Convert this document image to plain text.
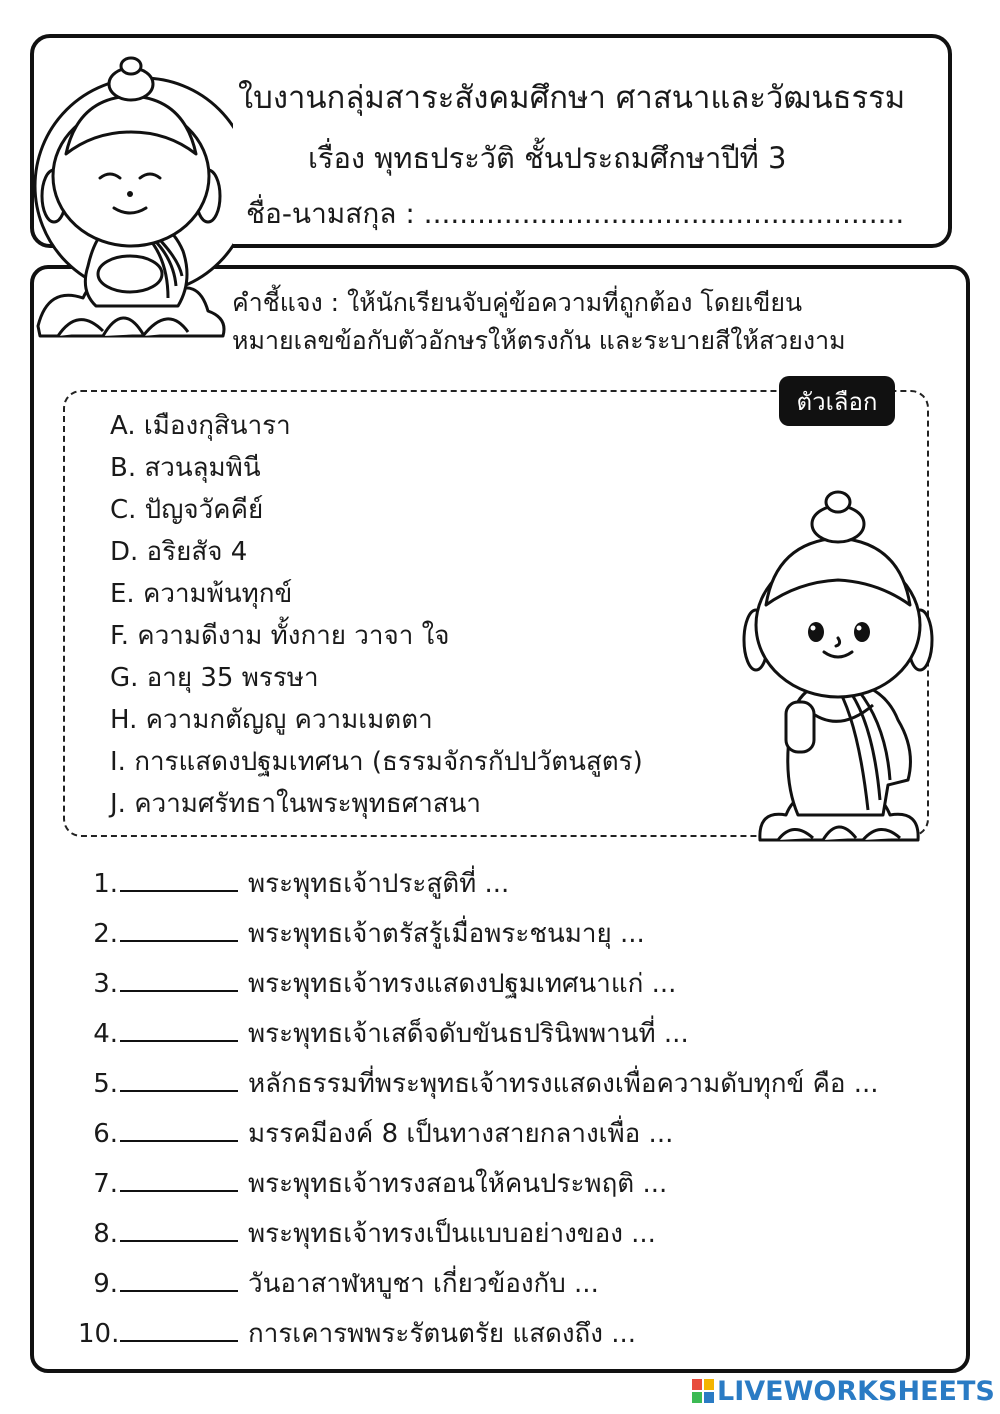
ใบงานกลุ่มสาระสังคมศึกษา ศาสนาและวัฒนธรรม
เรื่อง พุทธประวัติ ชั้นประถมศึกษาปีที่ 3
ชื่อ-นามสกุล : ......................................................
คำชี้แจง : ให้นักเรียนจับคู่ข้อความที่ถูกต้อง โดยเขียน
หมายเลขข้อกับตัวอักษรให้ตรงกัน และระบายสีให้สวยงาม
ตัวเลือก
A. เมืองกุสินารา
B. สวนลุมพินี
C. ปัญจวัคคีย์
D. อริยสัจ 4
E. ความพ้นทุกข์
F. ความดีงาม ทั้งกาย วาจา ใจ
G. อายุ 35 พรรษา
H. ความกตัญญู ความเมตตา
I. การแสดงปฐมเทศนา (ธรรมจักรกัปปวัตนสูตร)
J. ความศรัทธาในพระพุทธศาสนา
1.	พระพุทธเจ้าประสูติที่ ...
2.	พระพุทธเจ้าตรัสรู้เมื่อพระชนมายุ ...
3.	พระพุทธเจ้าทรงแสดงปฐมเทศนาแก่ ...
4.	พระพุทธเจ้าเสด็จดับขันธปรินิพพานที่ ...
5.	หลักธรรมที่พระพุทธเจ้าทรงแสดงเพื่อความดับทุกข์ คือ ...
6.	มรรคมีองค์ 8 เป็นทางสายกลางเพื่อ ...
7.	พระพุทธเจ้าทรงสอนให้คนประพฤติ ...
8.	พระพุทธเจ้าทรงเป็นแบบอย่างของ ...
9.	วันอาสาฬหบูชา เกี่ยวข้องกับ ...
10.	การเคารพพระรัตนตรัย แสดงถึง ...
LIVEWORKSHEETS
